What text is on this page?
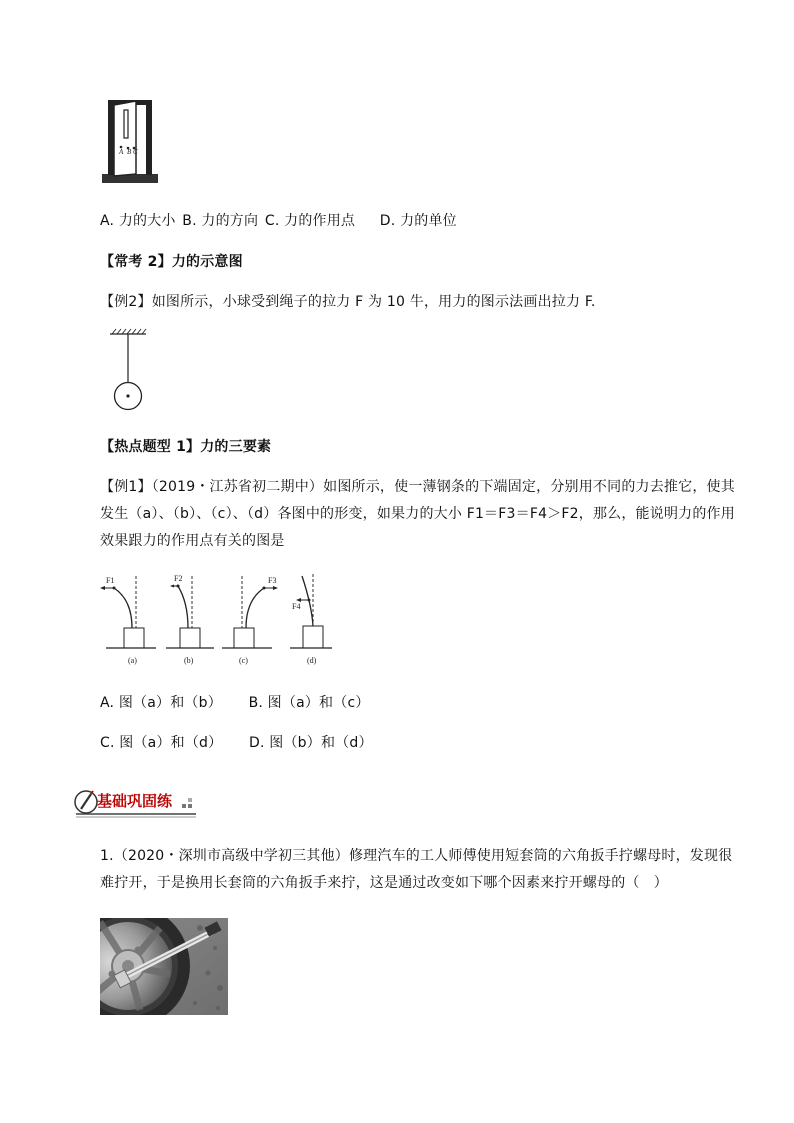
A B C
A. 力的大小 B. 力的方向 C. 力的作用点 D. 力的单位
【常考 2】力的示意图
【例2】如图所示，小球受到绳子的拉力 F 为 10 牛，用力的图示法画出拉力 F.
【热点题型 1】力的三要素
【例1】（2019・江苏省初二期中）如图所示，使一薄钢条的下端固定，分别用不同的力去推它，使其
发生（a）、（b）、（c）、（d）各图中的形变，如果力的大小 F1＝F3＝F4＞F2，那么，能说明力的作用
效果跟力的作用点有关的图是
F1
(a)
F2
(b)
F3
(c)
F4
(d)
A. 图（a）和（b） B. 图（a）和（c）
C. 图（a）和（d） D. 图（b）和（d）
基础巩固练
1.（2020・深圳市高级中学初三其他）修理汽车的工人师傅使用短套筒的六角扳手拧螺母时，发现很
难拧开，于是换用长套筒的六角扳手来拧，这是通过改变如下哪个因素来拧开螺母的（　）
